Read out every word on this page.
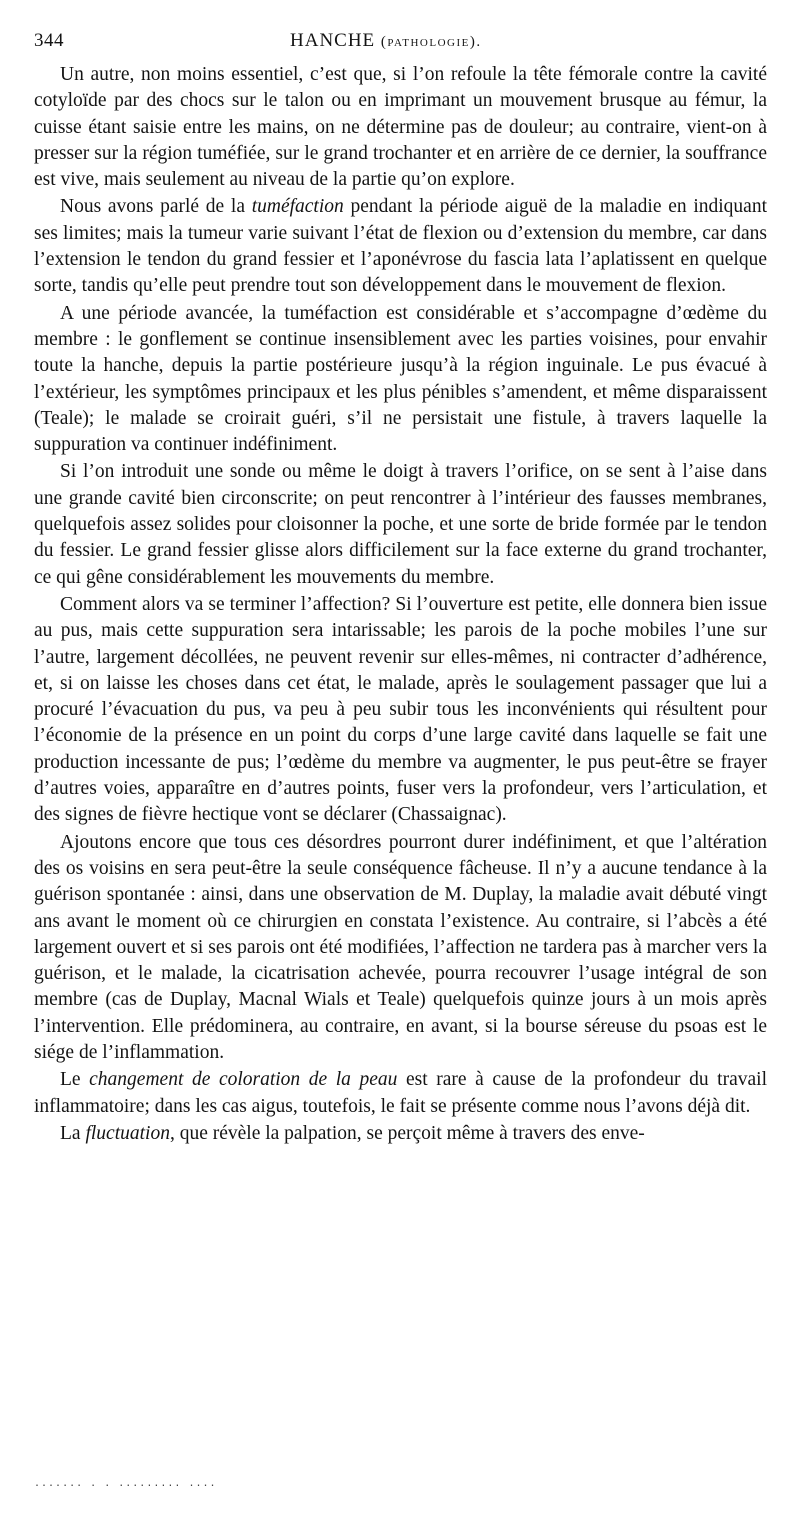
344	HANCHE (pathologie).

Un autre, non moins essentiel, c’est que, si l’on refoule la tête fémorale contre la cavité cotyloïde par des chocs sur le talon ou en imprimant un mouvement brusque au fémur, la cuisse étant saisie entre les mains, on ne détermine pas de douleur; au contraire, vient-on à presser sur la région tuméfiée, sur le grand trochanter et en arrière de ce dernier, la souffrance est vive, mais seulement au niveau de la partie qu’on explore.

Nous avons parlé de la tuméfaction pendant la période aiguë de la maladie en indiquant ses limites; mais la tumeur varie suivant l’état de flexion ou d’extension du membre, car dans l’extension le tendon du grand fessier et l’aponévrose du fascia lata l’aplatissent en quelque sorte, tandis qu’elle peut prendre tout son développement dans le mouvement de flexion.

A une période avancée, la tuméfaction est considérable et s’accompagne d’œdème du membre : le gonflement se continue insensiblement avec les parties voisines, pour envahir toute la hanche, depuis la partie postérieure jusqu’à la région inguinale. Le pus évacué à l’extérieur, les symptômes principaux et les plus pénibles s’amendent, et même disparaissent (Teale); le malade se croirait guéri, s’il ne persistait une fistule, à travers laquelle la suppuration va continuer indéfiniment.

Si l’on introduit une sonde ou même le doigt à travers l’orifice, on se sent à l’aise dans une grande cavité bien circonscrite; on peut rencontrer à l’intérieur des fausses membranes, quelquefois assez solides pour cloisonner la poche, et une sorte de bride formée par le tendon du fessier. Le grand fessier glisse alors difficilement sur la face externe du grand trochanter, ce qui gêne considérablement les mouvements du membre.

Comment alors va se terminer l’affection? Si l’ouverture est petite, elle donnera bien issue au pus, mais cette suppuration sera intarissable; les parois de la poche mobiles l’une sur l’autre, largement décollées, ne peuvent revenir sur elles-mêmes, ni contracter d’adhérence, et, si on laisse les choses dans cet état, le malade, après le soulagement passager que lui a procuré l’évacuation du pus, va peu à peu subir tous les inconvénients qui résultent pour l’économie de la présence en un point du corps d’une large cavité dans laquelle se fait une production incessante de pus; l’œdème du membre va augmenter, le pus peut-être se frayer d’autres voies, apparaître en d’autres points, fuser vers la profondeur, vers l’articulation, et des signes de fièvre hectique vont se déclarer (Chassaignac).

Ajoutons encore que tous ces désordres pourront durer indéfiniment, et que l’altération des os voisins en sera peut-être la seule conséquence fâcheuse. Il n’y a aucune tendance à la guérison spontanée : ainsi, dans une observation de M. Duplay, la maladie avait débuté vingt ans avant le moment où ce chirurgien en constata l’existence. Au contraire, si l’abcès a été largement ouvert et si ses parois ont été modifiées, l’affection ne tardera pas à marcher vers la guérison, et le malade, la cicatrisation achevée, pourra recouvrer l’usage intégral de son membre (cas de Duplay, Macnal Wials et Teale) quelquefois quinze jours à un mois après l’intervention. Elle prédominera, au contraire, en avant, si la bourse séreuse du psoas est le siége de l’inflammation.

Le changement de coloration de la peau est rare à cause de la profondeur du travail inflammatoire; dans les cas aigus, toutefois, le fait se présente comme nous l’avons déjà dit.

La fluctuation, que révèle la palpation, se perçoit même à travers des enve-

....... . . ......... ....
